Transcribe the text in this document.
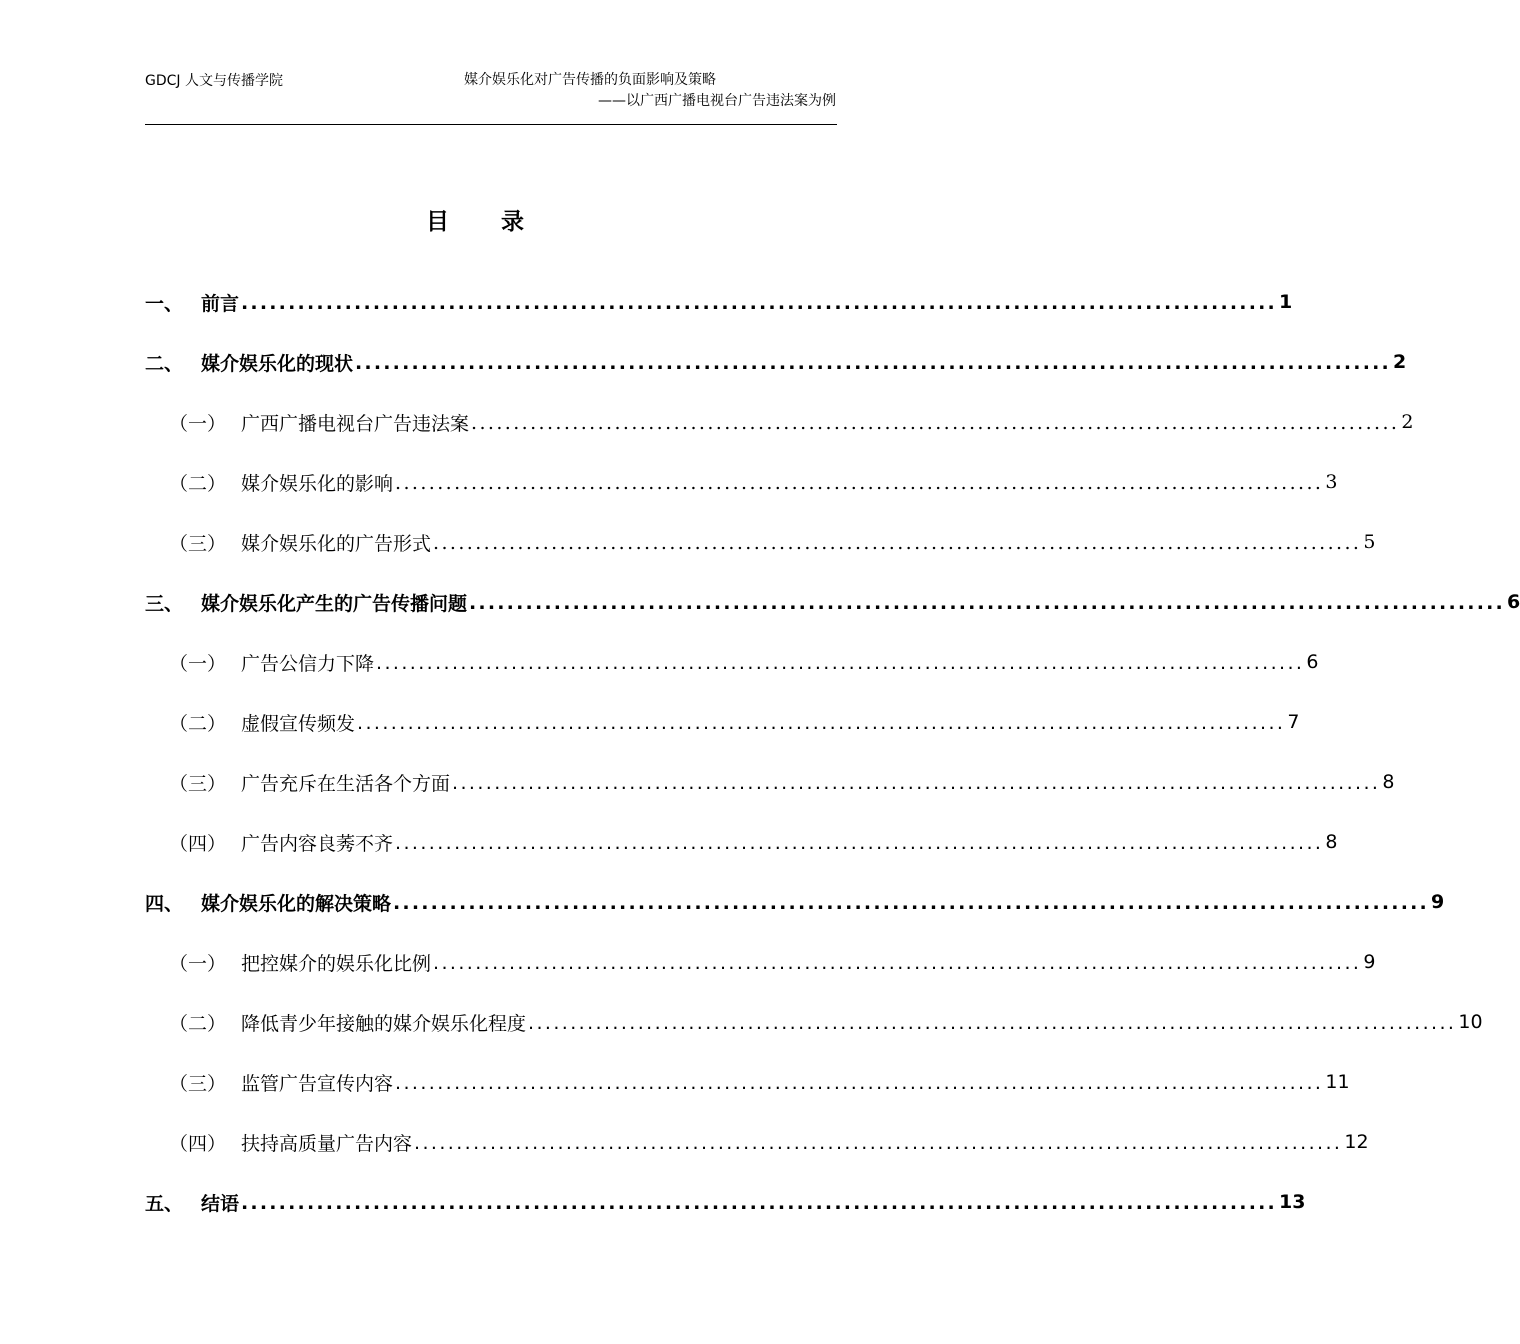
GDCJ 人文与传播学院	媒介娱乐化对广告传播的负面影响及策略
——以广西广播电视台广告违法案为例
目录
一、 前言 .............................................................................................................. 1
二、 媒介娱乐化的现状 .............................................................................................................. 2
（一） 广西广播电视台广告违法案 .............................................................................................................. 2
（二） 媒介娱乐化的影响 .............................................................................................................. 3
（三） 媒介娱乐化的广告形式 .............................................................................................................. 5
三、 媒介娱乐化产生的广告传播问题 .............................................................................................................. 6
（一） 广告公信力下降 .............................................................................................................. 6
（二） 虚假宣传频发 .............................................................................................................. 7
（三） 广告充斥在生活各个方面 .............................................................................................................. 8
（四） 广告内容良莠不齐 .............................................................................................................. 8
四、 媒介娱乐化的解决策略 .............................................................................................................. 9
（一） 把控媒介的娱乐化比例 .............................................................................................................. 9
（二） 降低青少年接触的媒介娱乐化程度 .............................................................................................................. 10
（三） 监管广告宣传内容 .............................................................................................................. 11
（四） 扶持高质量广告内容 .............................................................................................................. 12
五、 结语 .............................................................................................................. 13
